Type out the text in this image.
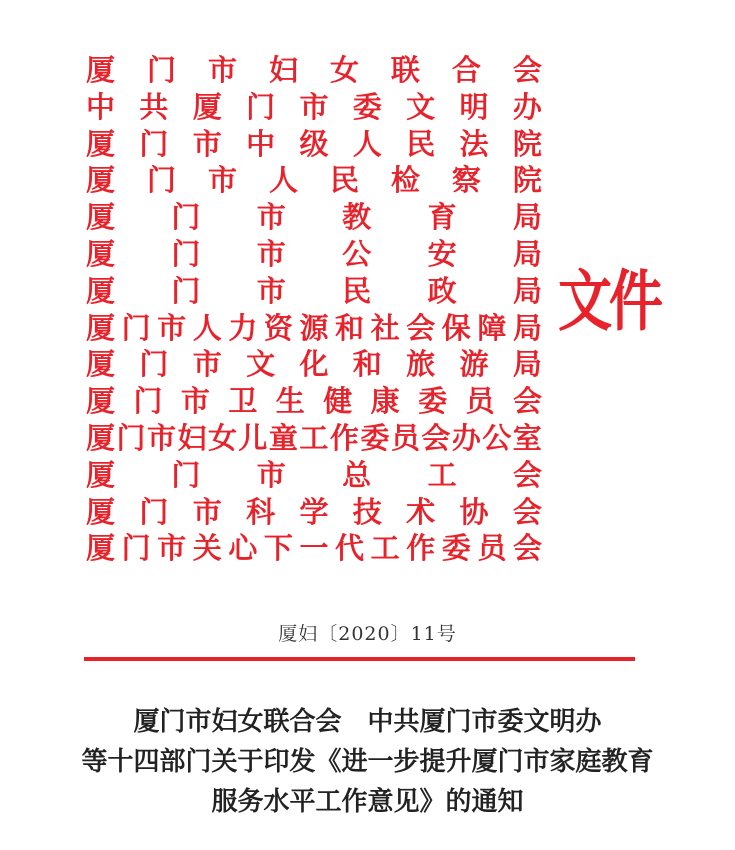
厦 门 市 妇 女 联 合 会
中 共 厦 门 市 委 文 明 办
厦 门 市 中 级 人 民 法 院
厦 门 市 人 民 检 察 院
厦 门 市 教 育 局
厦 门 市 公 安 局
厦 门 市 民 政 局
厦 门 市 人 力 资 源 和 社 会 保 障 局
厦 门 市 文 化 和 旅 游 局
厦 门 市 卫 生 健 康 委 员 会
厦 门 市 妇 女 儿 童 工 作 委 员 会 办 公 室
厦 门 市 总 工 会
厦 门 市 科 学 技 术 协 会
厦 门 市 关 心 下 一 代 工 作 委 员 会
文件
厦妇〔2020〕11号
厦门市妇女联合会　中共厦门市委文明办
等十四部门关于印发《进一步提升厦门市家庭教育
服务水平工作意见》的通知
